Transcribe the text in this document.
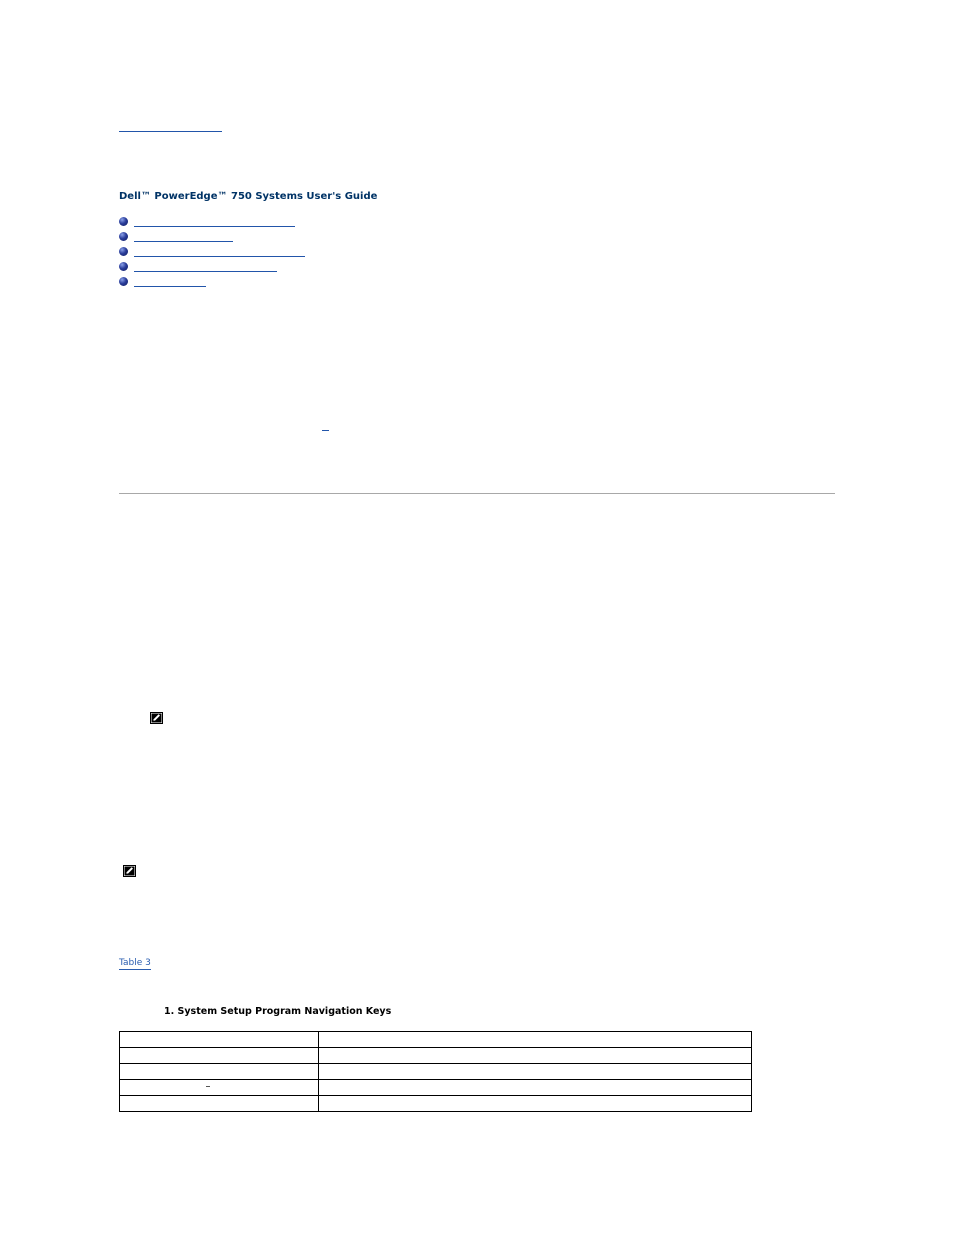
Dell™ PowerEdge™ 750 Systems User's Guide
Table 3
1. System Setup Program Navigation Keys
